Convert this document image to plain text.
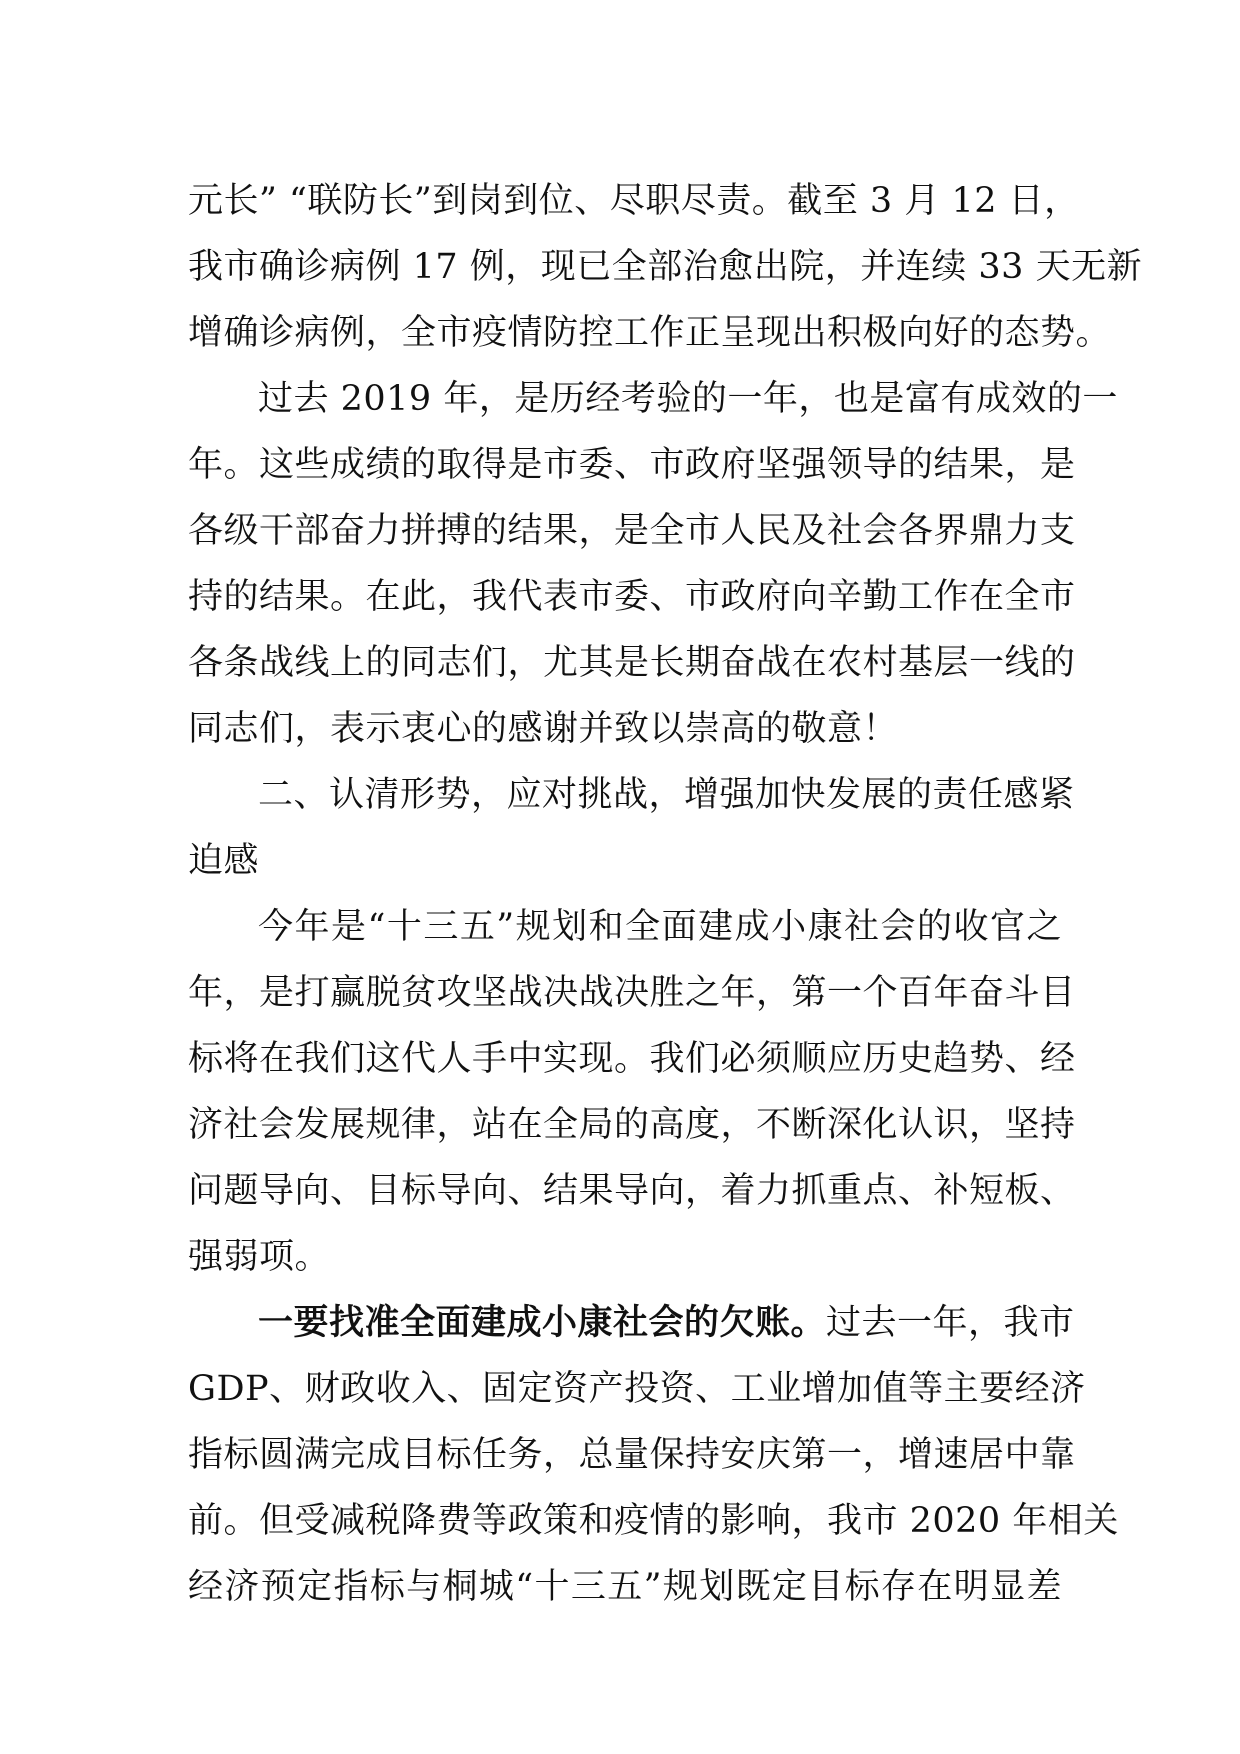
元长” “联防长”到岗到位、尽职尽责。截至 3 月 12 日，
我市确诊病例 17 例，现已全部治愈出院，并连续 33 天无新
增确诊病例，全市疫情防控工作正呈现出积极向好的态势。
过去 2019 年，是历经考验的一年，也是富有成效的一
年。这些成绩的取得是市委、市政府坚强领导的结果，是
各级干部奋力拼搏的结果，是全市人民及社会各界鼎力支
持的结果。在此，我代表市委、市政府向辛勤工作在全市
各条战线上的同志们，尤其是长期奋战在农村基层一线的
同志们，表示衷心的感谢并致以崇高的敬意！
二、认清形势，应对挑战，增强加快发展的责任感紧
迫感
今年是“十三五”规划和全面建成小康社会的收官之
年，是打赢脱贫攻坚战决战决胜之年，第一个百年奋斗目
标将在我们这代人手中实现。我们必须顺应历史趋势、经
济社会发展规律，站在全局的高度，不断深化认识，坚持
问题导向、目标导向、结果导向，着力抓重点、补短板、
强弱项。
一要找准全面建成小康社会的欠账。过去一年，我市
GDP、财政收入、固定资产投资、工业增加值等主要经济
指标圆满完成目标任务，总量保持安庆第一，增速居中靠
前。但受减税降费等政策和疫情的影响，我市 2020 年相关
经济预定指标与桐城“十三五”规划既定目标存在明显差
